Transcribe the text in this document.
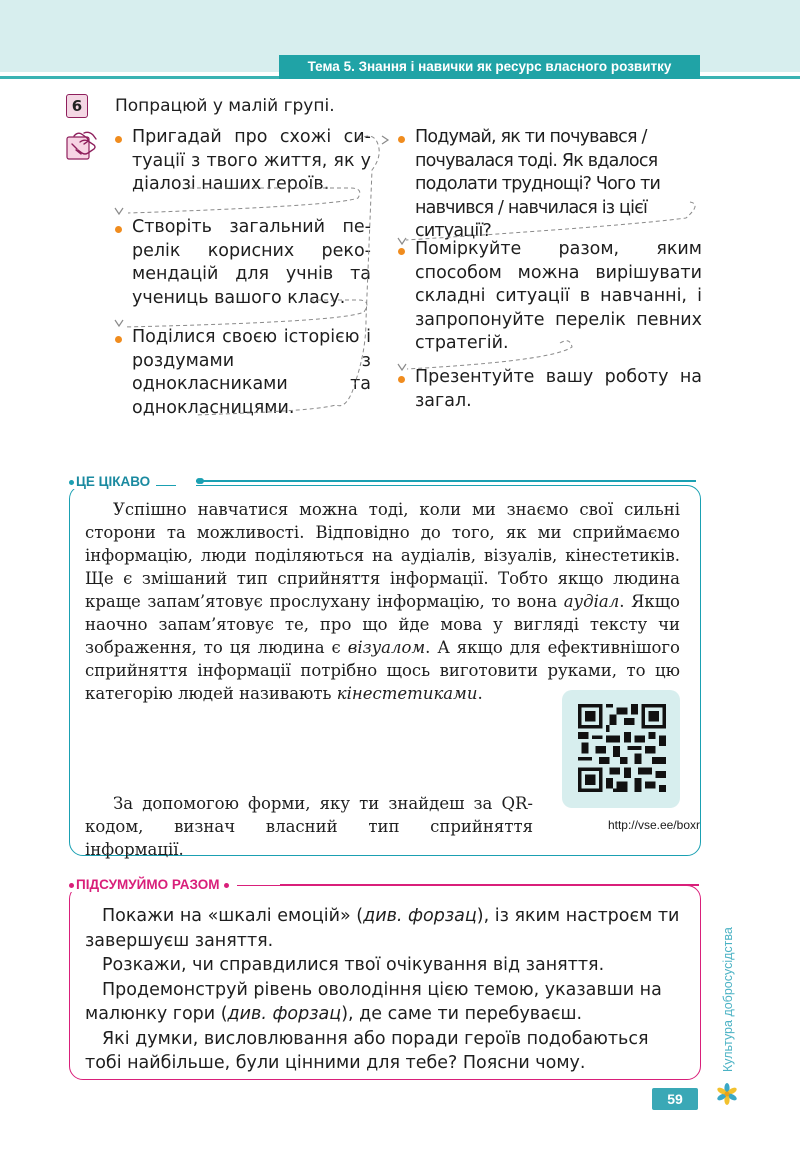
Тема 5. Знання і навички як ресурс власного розвитку
6	Попрацюй у малій групі.
Пригадай про схожі си-туації з твого життя, як у діалозі наших героїв.
Створіть загальний пе-релік корисних реко-мендацій для учнів та учениць вашого класу.
Поділися своєю історією і роздумами з однокласниками та однокласницями.
Подумай, як ти почувався / почувалася тоді. Як вдалося подолати труднощі? Чого ти навчився / навчилася із цієї ситуації?
Поміркуйте разом, яким способом можна вирішувати складні ситуації в навчанні, і запропонуйте перелік певних стратегій.
Презентуйте вашу роботу на загал.
ЦЕ ЦІКАВО
Успішно навчатися можна тоді, коли ми знаємо свої сильні сторони та можливості. Відповідно до того, як ми сприймаємо інформацію, люди поділяються на аудіалів, візуалів, кінестетиків. Ще є змішаний тип сприйняття інформації. Тобто якщо людина краще запам’ятовує прослухану інформацію, то вона аудіал. Якщо наочно запам’ятовує те, про що йде мова у вигляді тексту чи зображення, то ця людина є візуалом. А якщо для ефективнішого сприйняття інформації потрібно щось виготовити руками, то цю категорію людей називають кінестетиками.
http://vse.ee/boxr
За допомогою форми, яку ти знайдеш за QR-кодом, визнач власний тип сприйняття інформації.
ПІДСУМУЙМО РАЗОМ
Покажи на «шкалі емоцій» (див. форзац), із яким настроєм ти завершуєш заняття.
Розкажи, чи справдилися твої очікування від заняття.
Продемонструй рівень оволодіння цією темою, указавши на малюнку гори (див. форзац), де саме ти перебуваєш.
Які думки, висловлювання або поради героїв подобаються тобі найбільше, були цінними для тебе? Поясни чому.	Культура добросусідства
59
